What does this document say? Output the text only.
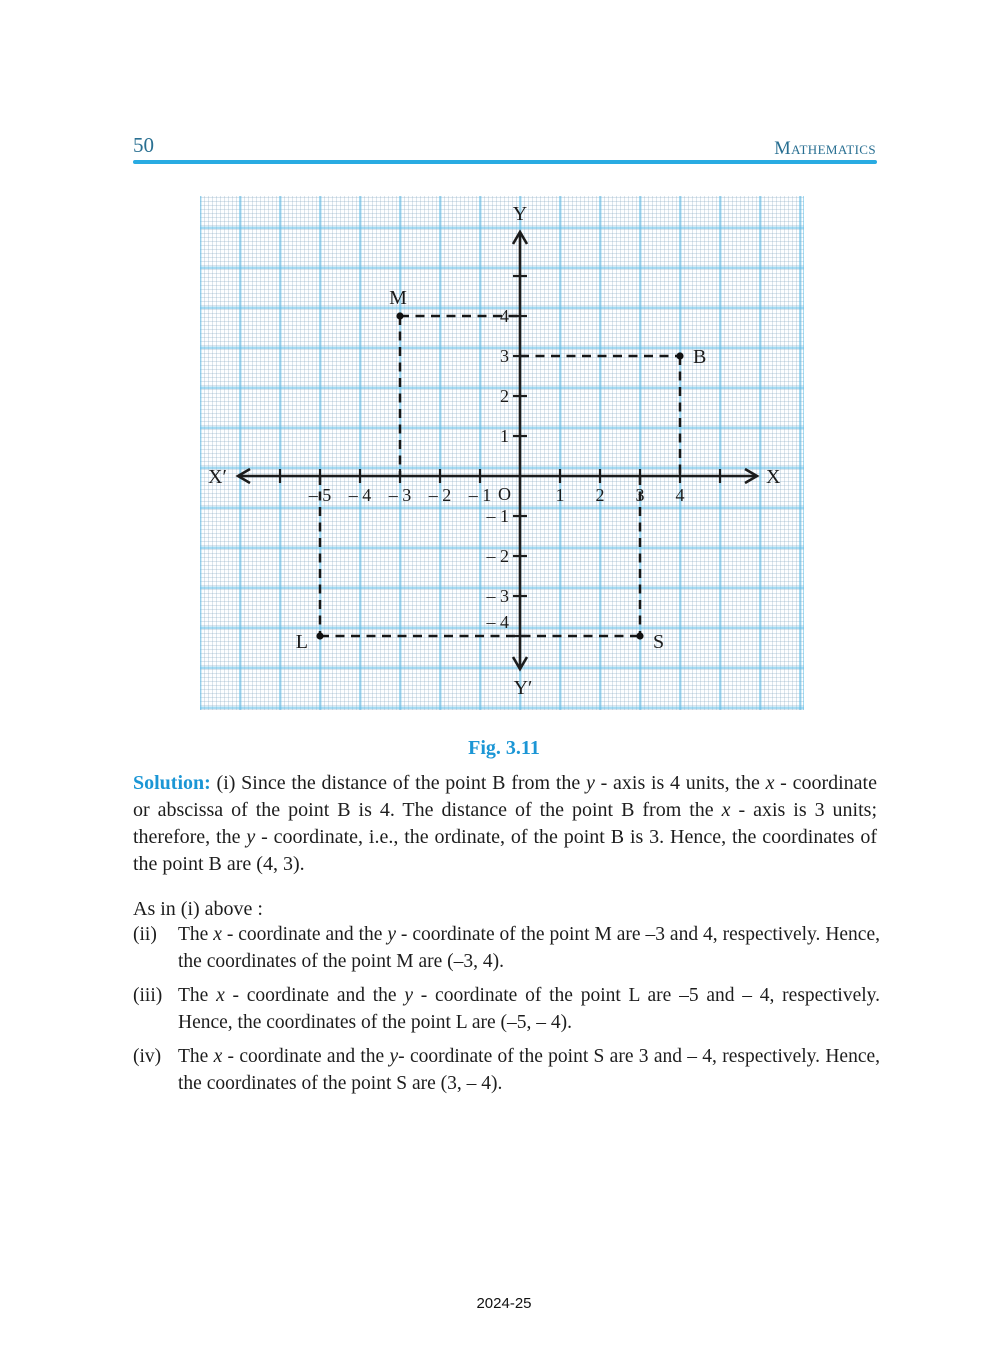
50	Mathematics
– 5 – 4 – 3 – 2 – 1	1 2 3 4
4
3
2
1
– 1
– 2
– 3
– 4
O
X
X′
Y
Y′
M
B
L	S
Fig. 3.11

Solution: (i) Since the distance of the point B from the y - axis is 4 units, the x - coordinate or abscissa of the point B is 4. The distance of the point B from the x - axis is 3 units; therefore, the y - coordinate, i.e., the ordinate, of the point B is 3. Hence, the coordinates of the point B are (4, 3).

As in (i) above :

(ii)	The x - coordinate and the y - coordinate of the point M are –3 and 4, respectively. Hence, the coordinates of the point M are (–3, 4).
(iii) The x - coordinate and the y - coordinate of the point L are –5 and – 4, respectively. Hence, the coordinates of the point L are (–5, – 4).
(iv) The x - coordinate and the y- coordinate of the point S are 3 and – 4, respectively. Hence, the coordinates of the point S are (3, – 4).
2024-25
